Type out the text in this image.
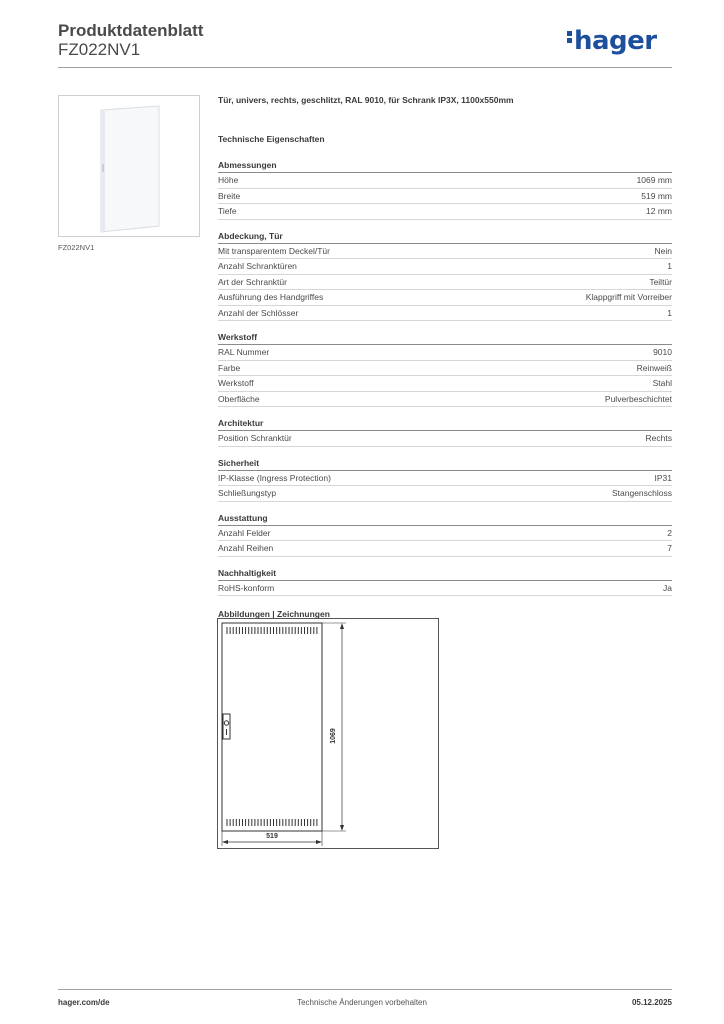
Produktdatenblatt
FZ022NV1	hager
FZ022NV1
Tür, univers, rechts, geschlitzt, RAL 9010, für Schrank IP3X, 1100x550mm
Technische Eigenschaften
Abmessungen
Höhe	1069 mm
Breite	519 mm
Tiefe	12 mm
Abdeckung, Tür
Mit transparentem Deckel/Tür	Nein
Anzahl Schranktüren	1
Art der Schranktür	Teiltür
Ausführung des Handgriffes	Klappgriff mit Vorreiber
Anzahl der Schlösser	1
Werkstoff
RAL Nummer	9010
Farbe	Reinweiß
Werkstoff	Stahl
Oberfläche	Pulverbeschichtet
Architektur
Position Schranktür	Rechts
Sicherheit
IP-Klasse (Ingress Protection)	IP31
Schließungstyp	Stangenschloss
Ausstattung
Anzahl Felder	2
Anzahl Reihen	7
Nachhaltigkeit
RoHS-konform	Ja
Abbildungen | Zeichnungen
1069
519
hager.com/de	Technische Änderungen vorbehalten	05.12.2025
